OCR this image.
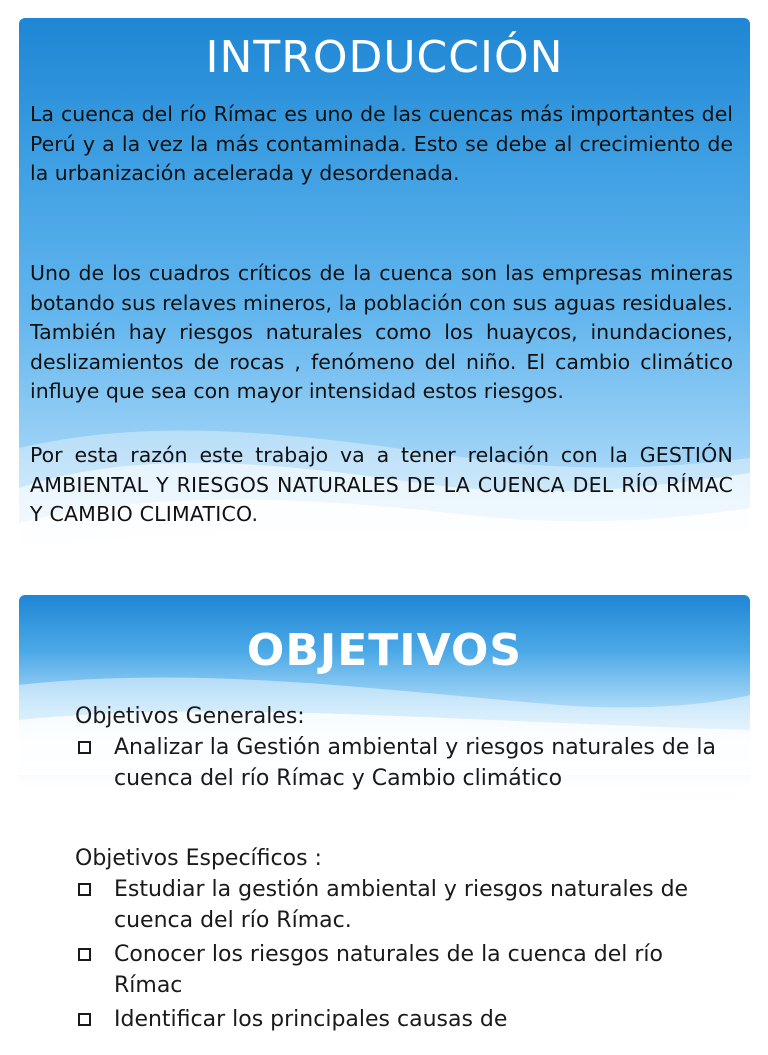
INTRODUCCIÓN
La cuenca del río Rímac es uno de las cuencas más importantes del Perú y a la vez la más contaminada. Esto se debe al crecimiento de la urbanización acelerada y desordenada.
Uno de los cuadros críticos de la cuenca son las empresas mineras botando sus relaves mineros, la población con sus aguas residuales. También hay riesgos naturales como los huaycos, inundaciones, deslizamientos de rocas , fenómeno del niño. El cambio climático influye que sea con mayor intensidad estos riesgos.
Por esta razón este trabajo va a tener relación con la GESTIÓN AMBIENTAL Y RIESGOS NATURALES DE LA CUENCA DEL RÍO RÍMAC Y CAMBIO CLIMATICO.
OBJETIVOS
Objetivos Generales:
Analizar la Gestión ambiental y riesgos naturales de la cuenca del río Rímac y Cambio climático
Objetivos Específicos :
Estudiar la gestión ambiental y riesgos naturales de cuenca del río Rímac.
Conocer los riesgos naturales de la cuenca del río Rímac
Identificar los principales causas de
